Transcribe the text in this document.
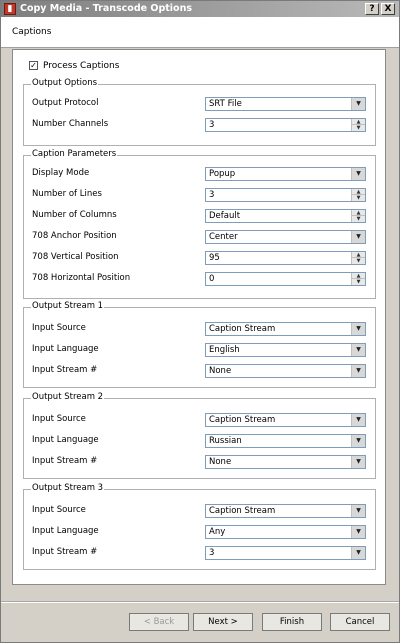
▮ Copy Media - Transcode Options	?	X
Captions
✓ Process Captions
Output Options
Output Protocol	SRT File	▼
Number Channels	3	▲
▼
Caption Parameters
Display Mode	Popup	▼
Number of Lines	3	▲
▼
Number of Columns	Default	▲
▼
708 Anchor Position	Center	▼
708 Vertical Position	95	▲
▼
708 Horizontal Position	0	▲
▼
Output Stream 1
Input Source	Caption Stream	▼
Input Language	English	▼
Input Stream #	None	▼
Output Stream 2
Input Source	Caption Stream	▼
Input Language	Russian	▼
Input Stream #	None	▼
Output Stream 3
Input Source	Caption Stream	▼
Input Language	Any	▼
Input Stream #	3	▼
< Back	Next >	Finish	Cancel
